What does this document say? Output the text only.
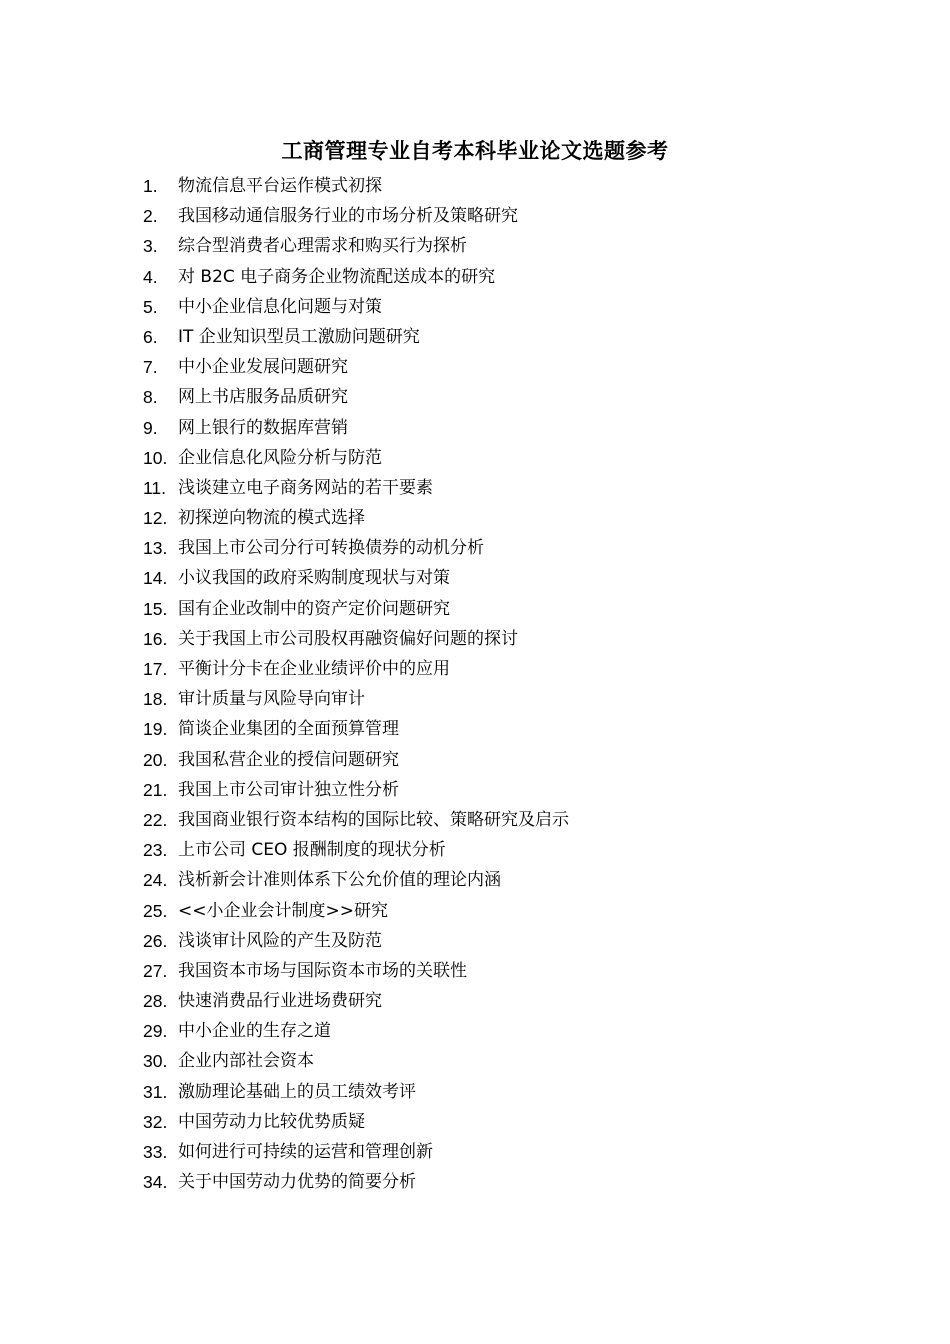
工商管理专业自考本科毕业论文选题参考
1.	物流信息平台运作模式初探
2.	我国移动通信服务行业的市场分析及策略研究
3.	综合型消费者心理需求和购买行为探析
4.	对 B2C 电子商务企业物流配送成本的研究
5.	中小企业信息化问题与对策
6.	IT 企业知识型员工激励问题研究
7.	中小企业发展问题研究
8.	网上书店服务品质研究
9.	网上银行的数据库营销
10. 企业信息化风险分析与防范
11. 浅谈建立电子商务网站的若干要素
12. 初探逆向物流的模式选择
13. 我国上市公司分行可转换债券的动机分析
14. 小议我国的政府采购制度现状与对策
15. 国有企业改制中的资产定价问题研究
16. 关于我国上市公司股权再融资偏好问题的探讨
17. 平衡计分卡在企业业绩评价中的应用
18. 审计质量与风险导向审计
19. 简谈企业集团的全面预算管理
20. 我国私营企业的授信问题研究
21. 我国上市公司审计独立性分析
22. 我国商业银行资本结构的国际比较、策略研究及启示
23. 上市公司 CEO 报酬制度的现状分析
24. 浅析新会计准则体系下公允价值的理论内涵
25. <<小企业会计制度>>研究
26. 浅谈审计风险的产生及防范
27. 我国资本市场与国际资本市场的关联性
28. 快速消费品行业进场费研究
29. 中小企业的生存之道
30. 企业内部社会资本
31. 激励理论基础上的员工绩效考评
32. 中国劳动力比较优势质疑
33. 如何进行可持续的运营和管理创新
34. 关于中国劳动力优势的简要分析
